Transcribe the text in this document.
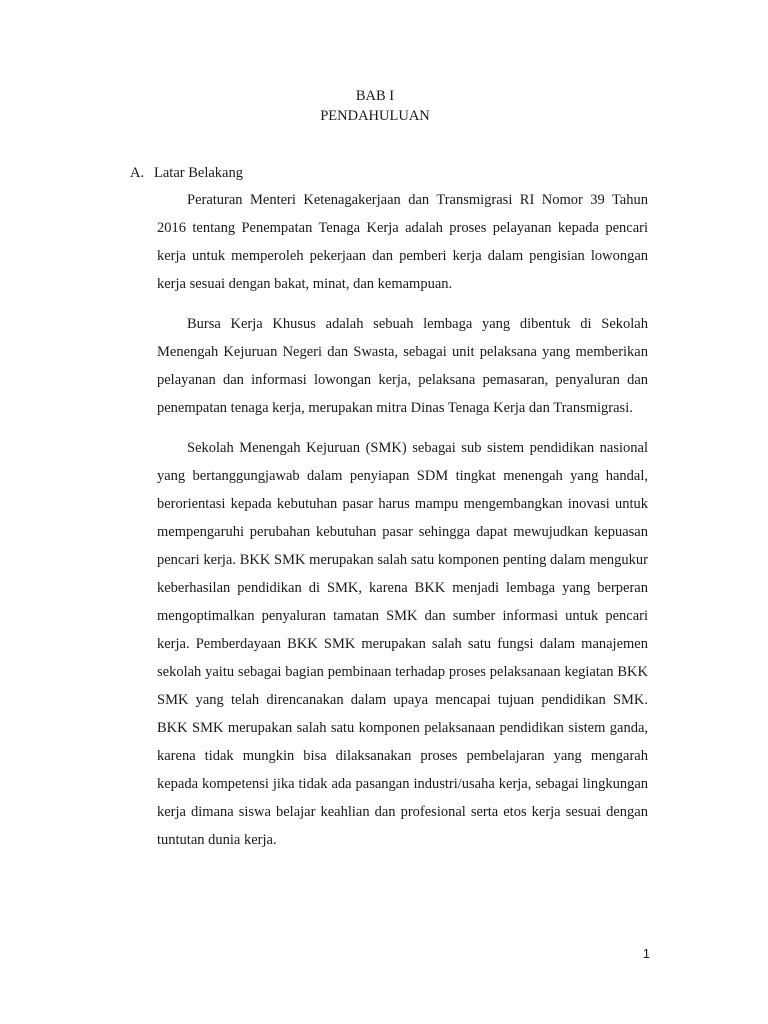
BAB I
PENDAHULUAN
A. Latar Belakang

Peraturan Menteri Ketenagakerjaan dan Transmigrasi RI Nomor 39 Tahun 2016 tentang Penempatan Tenaga Kerja adalah proses pelayanan kepada pencari kerja untuk memperoleh pekerjaan dan pemberi kerja dalam pengisian lowongan kerja sesuai dengan bakat, minat, dan kemampuan.

Bursa Kerja Khusus adalah sebuah lembaga yang dibentuk di Sekolah Menengah Kejuruan Negeri dan Swasta, sebagai unit pelaksana yang memberikan pelayanan dan informasi lowongan kerja, pelaksana pemasaran, penyaluran dan penempatan tenaga kerja, merupakan mitra Dinas Tenaga Kerja dan Transmigrasi.

Sekolah Menengah Kejuruan (SMK) sebagai sub sistem pendidikan nasional yang bertanggungjawab dalam penyiapan SDM tingkat menengah yang handal, berorientasi kepada kebutuhan pasar harus mampu mengembangkan inovasi untuk mempengaruhi perubahan kebutuhan pasar sehingga dapat mewujudkan kepuasan pencari kerja. BKK SMK merupakan salah satu komponen penting dalam mengukur keberhasilan pendidikan di SMK, karena BKK menjadi lembaga yang berperan mengoptimalkan penyaluran tamatan SMK dan sumber informasi untuk pencari kerja. Pemberdayaan BKK SMK merupakan salah satu fungsi dalam manajemen sekolah yaitu sebagai bagian pembinaan terhadap proses pelaksanaan kegiatan BKK SMK yang telah direncanakan dalam upaya mencapai tujuan pendidikan SMK. BKK SMK merupakan salah satu komponen pelaksanaan pendidikan sistem ganda, karena tidak mungkin bisa dilaksanakan proses pembelajaran yang mengarah kepada kompetensi jika tidak ada pasangan industri/usaha kerja, sebagai lingkungan kerja dimana siswa belajar keahlian dan profesional serta etos kerja sesuai dengan tuntutan dunia kerja.

1
